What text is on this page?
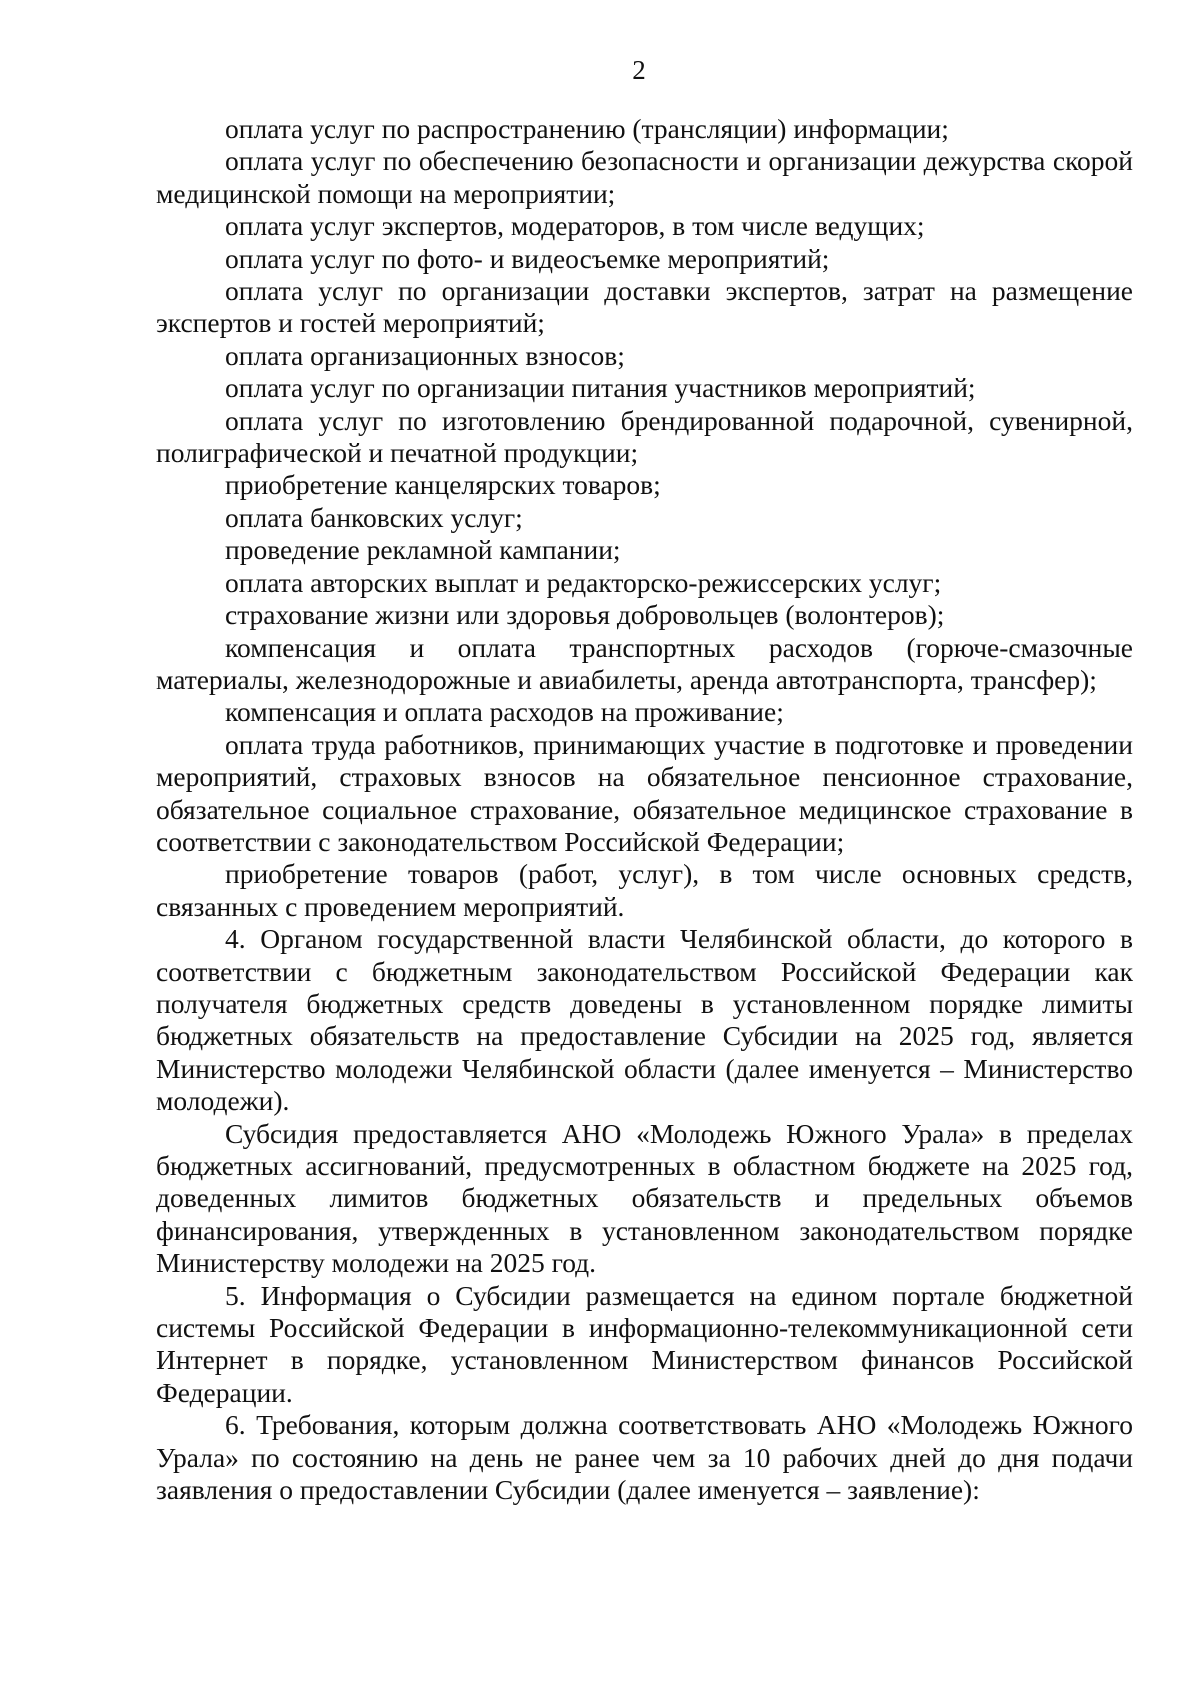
2

оплата услуг по распространению (трансляции) информации;

оплата услуг по обеспечению безопасности и организации дежурства скорой медицинской помощи на мероприятии;

оплата услуг экспертов, модераторов, в том числе ведущих;

оплата услуг по фото- и видеосъемке мероприятий;

оплата услуг по организации доставки экспертов, затрат на размещение экспертов и гостей мероприятий;

оплата организационных взносов;

оплата услуг по организации питания участников мероприятий;

оплата услуг по изготовлению брендированной подарочной, сувенирной, полиграфической и печатной продукции;

приобретение канцелярских товаров;

оплата банковских услуг;

проведение рекламной кампании;

оплата авторских выплат и редакторско-режиссерских услуг;

страхование жизни или здоровья добровольцев (волонтеров);

компенсация и оплата транспортных расходов (горюче-смазочные материалы, железнодорожные и авиабилеты, аренда автотранспорта, трансфер);

компенсация и оплата расходов на проживание;

оплата труда работников, принимающих участие в подготовке и проведении мероприятий, страховых взносов на обязательное пенсионное страхование, обязательное социальное страхование, обязательное медицинское страхование в соответствии с законодательством Российской Федерации;

приобретение товаров (работ, услуг), в том числе основных средств, связанных с проведением мероприятий.

4. Органом государственной власти Челябинской области, до которого в соответствии с бюджетным законодательством Российской Федерации как получателя бюджетных средств доведены в установленном порядке лимиты бюджетных обязательств на предоставление Субсидии на 2025 год, является Министерство молодежи Челябинской области (далее именуется – Министерство молодежи).

Субсидия предоставляется АНО «Молодежь Южного Урала» в пределах бюджетных ассигнований, предусмотренных в областном бюджете на 2025 год, доведенных лимитов бюджетных обязательств и предельных объемов финансирования, утвержденных в установленном законодательством порядке Министерству молодежи на 2025 год.

5. Информация о Субсидии размещается на едином портале бюджетной системы Российской Федерации в информационно-телекоммуникационной сети Интернет в порядке, установленном Министерством финансов Российской Федерации.

6. Требования, которым должна соответствовать АНО «Молодежь Южного Урала» по состоянию на день не ранее чем за 10 рабочих дней до дня подачи заявления о предоставлении Субсидии (далее именуется – заявление):
